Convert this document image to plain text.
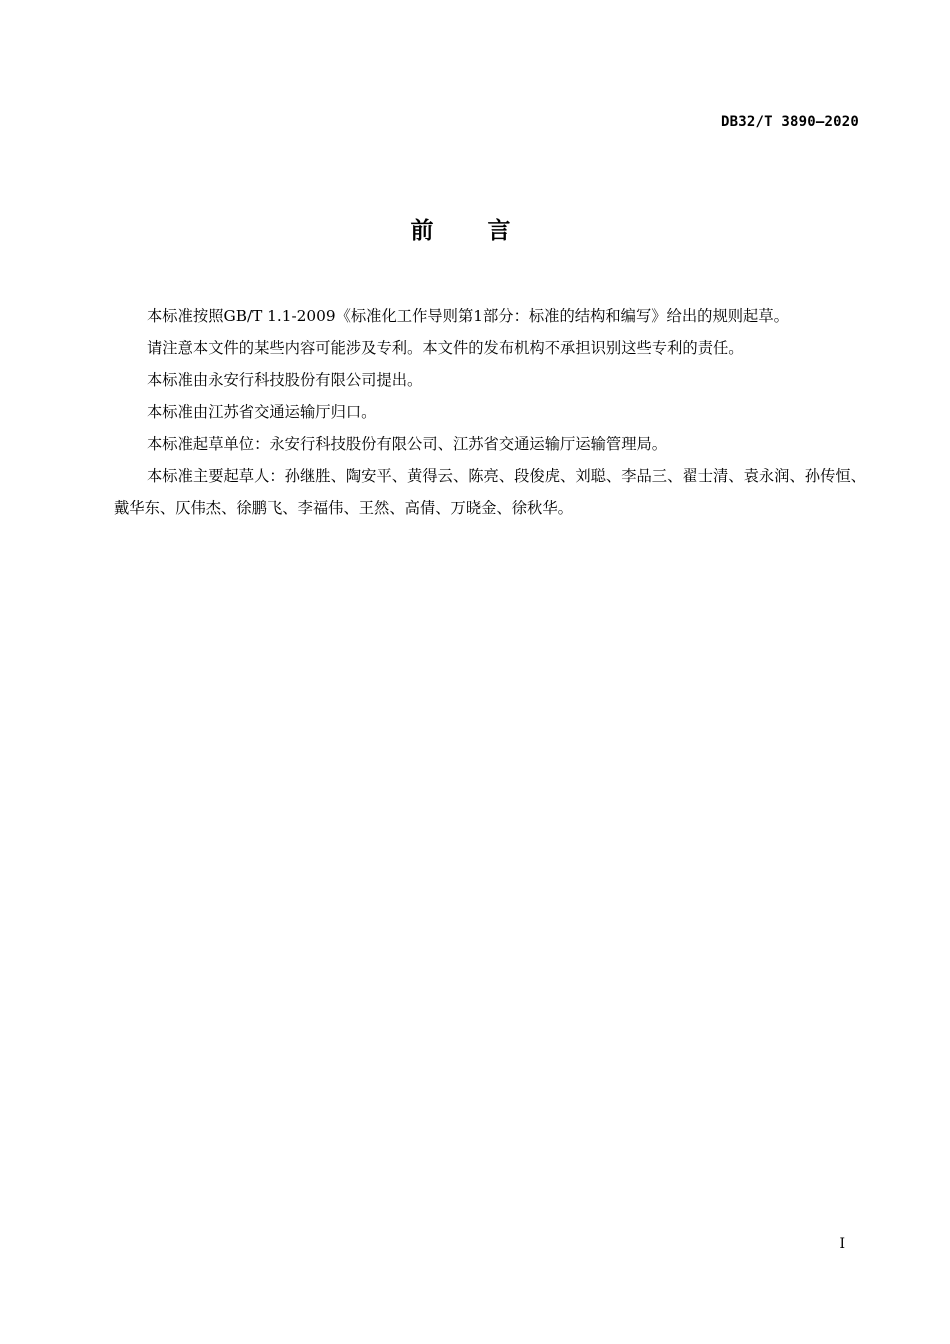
DB32/T 3890—2020
前言

本标准按照GB/T 1.1-2009《标准化工作导则第1部分：标准的结构和编写》给出的规则起草。

请注意本文件的某些内容可能涉及专利。本文件的发布机构不承担识别这些专利的责任。

本标准由永安行科技股份有限公司提出。

本标准由江苏省交通运输厅归口。

本标准起草单位：永安行科技股份有限公司、江苏省交通运输厅运输管理局。

本标准主要起草人：孙继胜、陶安平、黄得云、陈亮、段俊虎、刘聪、李品三、翟士清、袁永润、孙传恒、戴华东、仄伟杰、徐鹏飞、李福伟、王然、高倩、万晓金、徐秋华。

I
